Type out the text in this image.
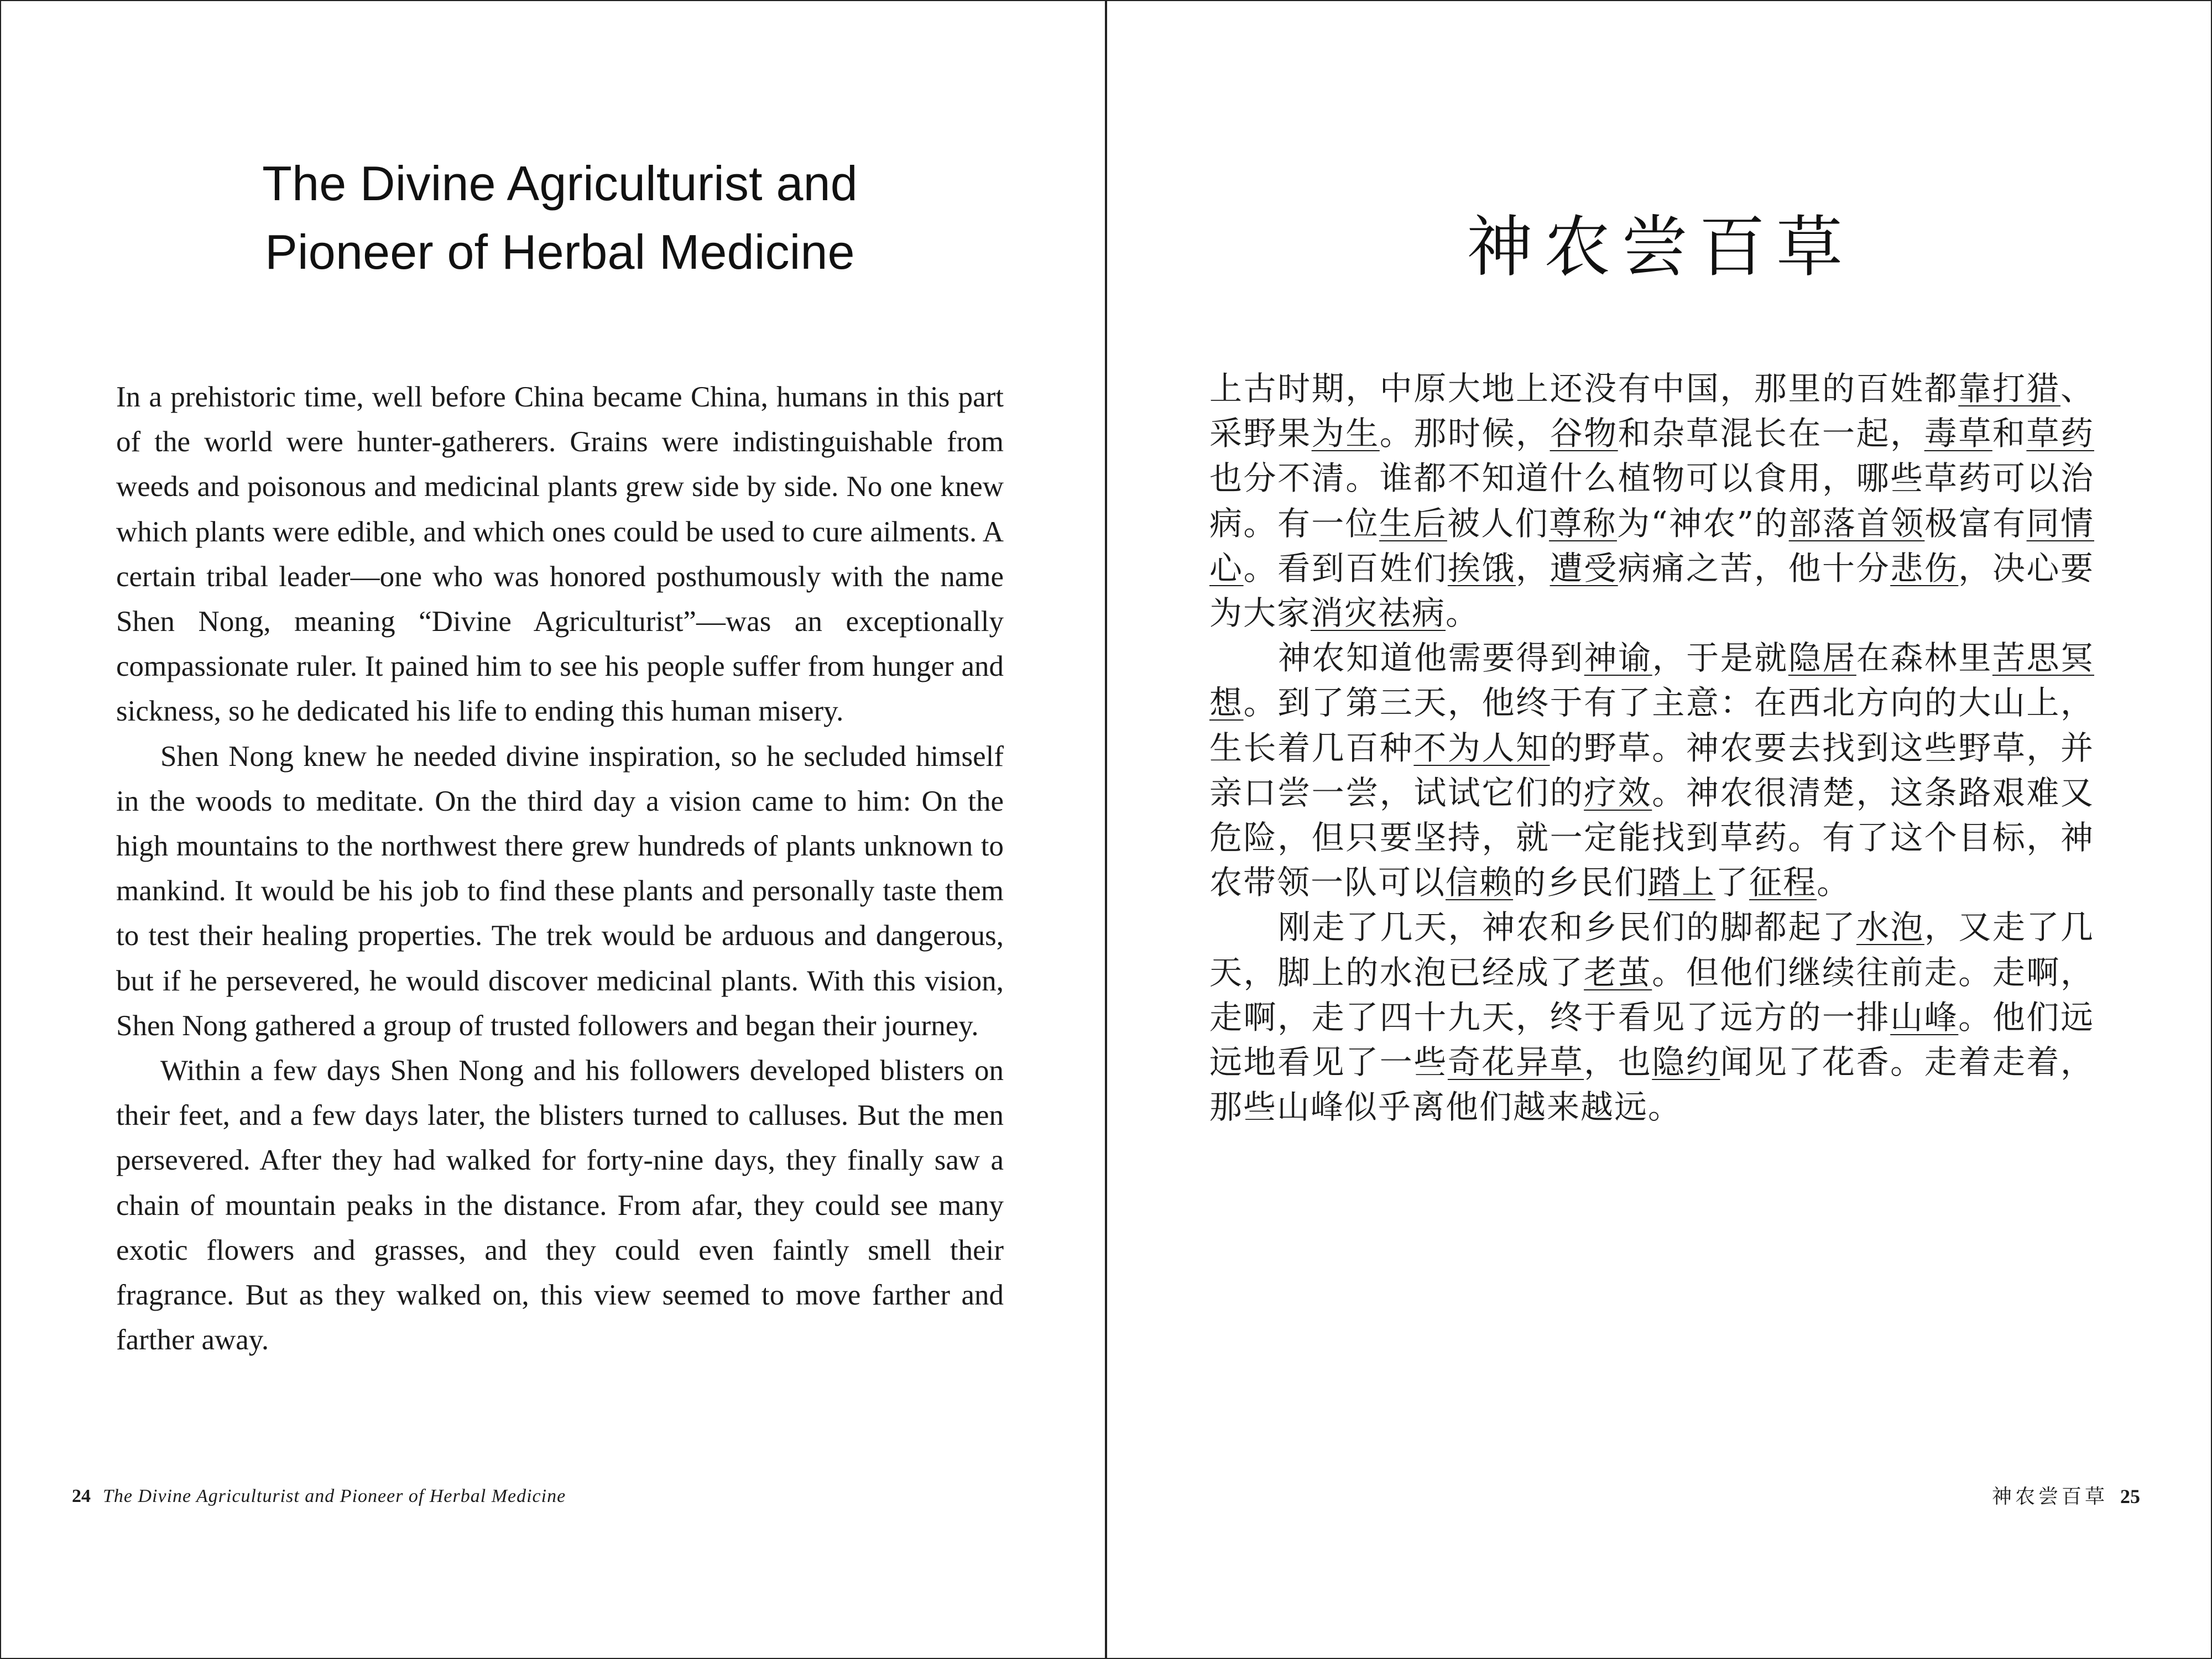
The Divine Agriculturist and
Pioneer of Herbal Medicine

In a prehistoric time, well before China became China, humans in this part of the world were hunter-gatherers. Grains were indistinguishable from weeds and poisonous and medicinal plants grew side by side. No one knew which plants were edible, and which ones could be used to cure ailments. A certain tribal leader—one who was honored posthumously with the name Shen Nong, meaning “Divine Agriculturist”—was an exceptionally compassionate ruler. It pained him to see his people suffer from hunger and sickness, so he dedicated his life to ending this human misery.

Shen Nong knew he needed divine inspiration, so he secluded himself in the woods to meditate. On the third day a vision came to him: On the high mountains to the northwest there grew hundreds of plants unknown to mankind. It would be his job to find these plants and personally taste them to test their healing properties. The trek would be arduous and dangerous, but if he persevered, he would discover medicinal plants. With this vision, Shen Nong gathered a group of trusted followers and began their journey.

Within a few days Shen Nong and his followers developed blisters on their feet, and a few days later, the blisters turned to calluses. But the men persevered. After they had walked for forty-nine days, they finally saw a chain of mountain peaks in the distance. From afar, they could see many exotic flowers and grasses, and they could even faintly smell their fragrance. But as they walked on, this view seemed to move farther and farther away.

24 The Divine Agriculturist and Pioneer of Herbal Medicine
神农尝百草

上古时期，中原大地上还没有中国，那里的百姓都靠打猎、采野果为生。那时候，谷物和杂草混长在一起，毒草和草药也分不清。谁都不知道什么植物可以食用，哪些草药可以治病。有一位生后被人们尊称为“神农”的部落首领极富有同情心。看到百姓们挨饿，遭受病痛之苦，他十分悲伤，决心要为大家消灾祛病。

神农知道他需要得到神谕，于是就隐居在森林里苦思冥想。到了第三天，他终于有了主意：在西北方向的大山上，生长着几百种不为人知的野草。神农要去找到这些野草，并亲口尝一尝，试试它们的疗效。神农很清楚，这条路艰难又危险，但只要坚持，就一定能找到草药。有了这个目标，神农带领一队可以信赖的乡民们踏上了征程。

刚走了几天，神农和乡民们的脚都起了水泡，又走了几天，脚上的水泡已经成了老茧。但他们继续往前走。走啊，走啊，走了四十九天，终于看见了远方的一排山峰。他们远远地看见了一些奇花异草，也隐约闻见了花香。走着走着，那些山峰似乎离他们越来越远。

神农尝百草 25
